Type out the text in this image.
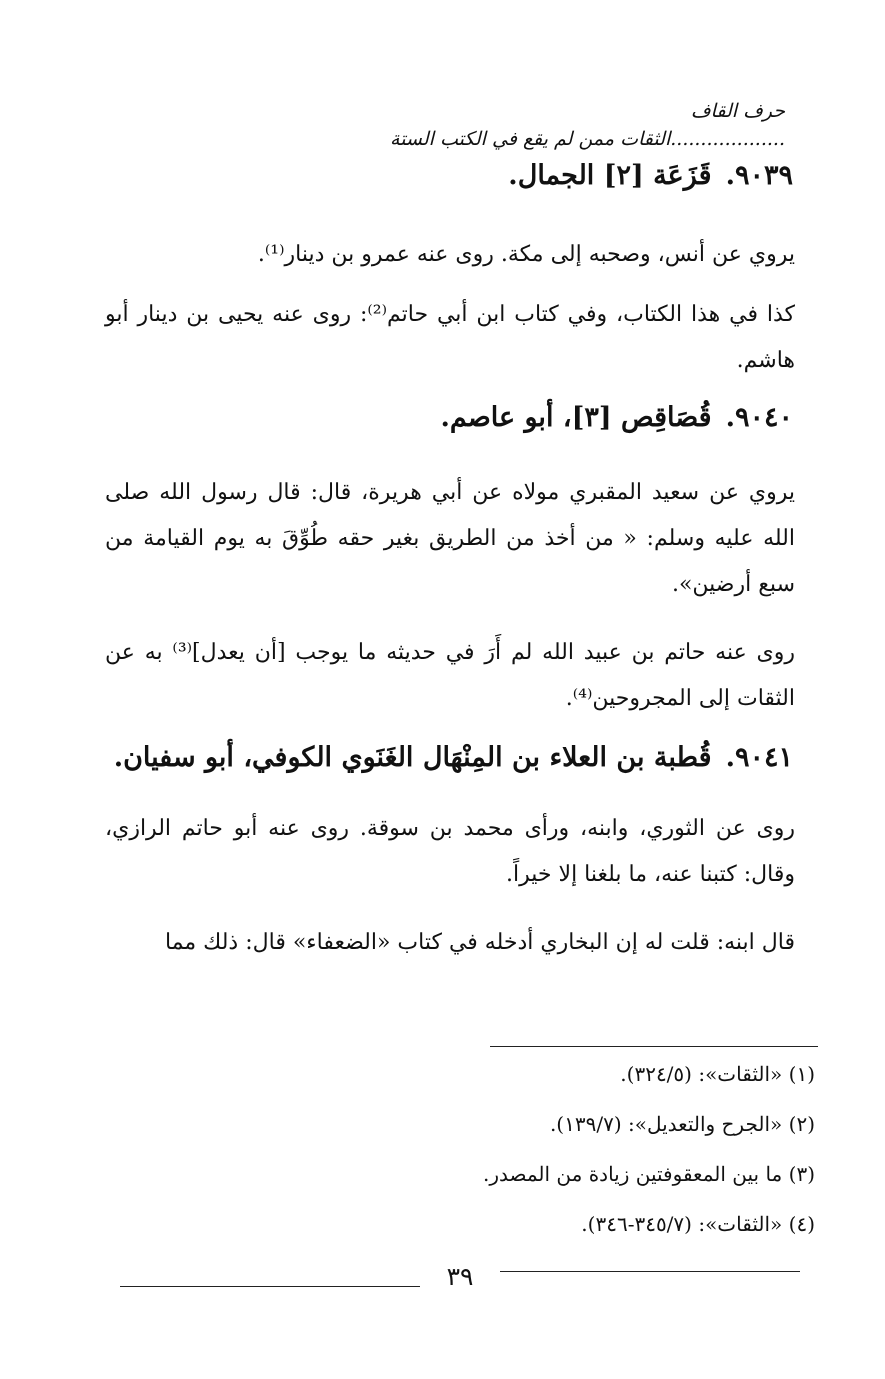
حرف القاف
...................الثقات ممن لم يقع في الكتب الستة
٩٠٣٩.قَزَعَة [٢] الجمال.
يروي عن أنس، وصحبه إلى مكة. روى عنه عمرو بن دينار⁽¹⁾.
كذا في هذا الكتاب، وفي كتاب ابن أبي حاتم⁽²⁾: روى عنه يحيى بن دينار أبو هاشم.
٩٠٤٠.قُصَاقِص [٣]، أبو عاصم.
يروي عن سعيد المقبري مولاه عن أبي هريرة، قال: قال رسول الله صلى الله عليه وسلم: « من أخذ من الطريق بغير حقه طُوِّقَ به يوم القيامة من سبع أرضين».
روى عنه حاتم بن عبيد الله لم أَرَ في حديثه ما يوجب [أن يعدل]⁽³⁾ به عن الثقات إلى المجروحين⁽⁴⁾.
٩٠٤١.قُطبة بن العلاء بن المِنْهَال الغَنَوي الكوفي، أبو سفيان.
روى عن الثوري، وابنه، ورأى محمد بن سوقة. روى عنه أبو حاتم الرازي، وقال: كتبنا عنه، ما بلغنا إلا خيراً.
قال ابنه: قلت له إن البخاري أدخله في كتاب «الضعفاء» قال: ذلك مما
(١) «الثقات»: (٣٢٤/٥).
(٢) «الجرح والتعديل»: (١٣٩/٧).
(٣) ما بين المعقوفتين زيادة من المصدر.
(٤) «الثقات»: (٣٤٥/٧-٣٤٦).
٣٩
